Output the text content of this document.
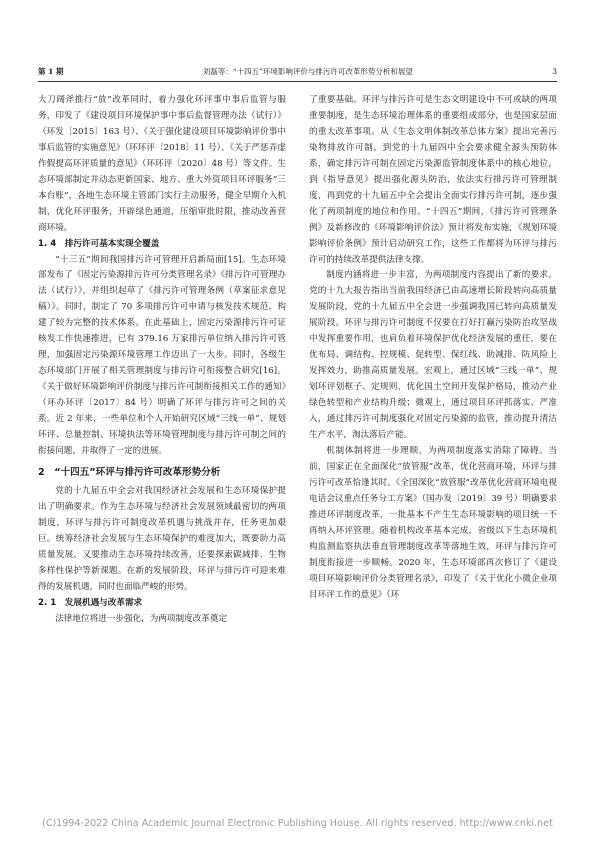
第 1 期	刘磊等：“十四五”环境影响评价与排污许可改革形势分析和展望	3

大刀阔斧推行“放”改革同时，着力强化环评事中事后监管与服务，印发了《建设项目环境保护事中事后监督管理办法（试行）》（环发〔2015〕163 号）、《关于强化建设项目环境影响评价事中事后监管的实施意见》（环环评〔2018〕11 号）、《关于严惩弄虚作假提高环评质量的意见》（环环评〔2020〕48 号）等文件。生态环境部制定并动态更新国家、地方、重大外资项目环评服务“三本台账”，各地生态环境主管部门实行主动服务，健全早期介入机制，优化环评服务，开辟绿色通道，压缩审批时限，推动改善营商环境。

1. 4　排污许可基本实现全覆盖

“十三五”期间我国排污许可管理开启新局面[15]。生态环境部发布了《固定污染源排污许可分类管理名录》《排污许可管理办法（试行）》，并组织起草了《排污许可管理条例（草案征求意见稿）》。同时，制定了 70 多项排污许可申请与核发技术规范，构建了较为完整的技术体系。在此基础上，固定污染源排污许可证核发工作快速推进，已有 379.16 万家排污单位纳入排污许可管理，加强固定污染源环境管理工作迈出了一大步。同时，各级生态环境部门开展了相关管理制度与排污许可衔接整合研究[16]。《关于做好环境影响评价制度与排污许可制衔接相关工作的通知》（环办环评〔2017〕84 号）明确了环评与排污许可之间的关系。近 2 年来，一些单位和个人开始研究区域“三线一单”、规划环评、总量控制、环境执法等环境管理制度与排污许可制之间的衔接问题，并取得了一定的进展。

2　“十四五”环评与排污许可改革形势分析

党的十九届五中全会对我国经济社会发展和生态环境保护提出了明确要求。作为生态环境与经济社会发展领域最密切的两项制度，环评与排污许可制度改革机遇与挑战并存，任务更加艰巨。统筹经济社会发展与生态环境保护的难度加大，既要助力高质量发展，又要推动生态环境持续改善，还要探索碳减排、生物多样性保护等新课题。在新的发展阶段，环评与排污许可迎来难得的发展机遇，同时也面临严峻的形势。

2. 1　发展机遇与改革需求

法律地位将进一步强化，为两项制度改革奠定

了重要基础。环评与排污许可是生态文明建设中不可或缺的两项重要制度，是生态环境治理体系的重要组成部分，也是国家层面的重大改革事项。从《生态文明体制改革总体方案》提出完善污染物排放许可制，到党的十九届四中全会要求健全源头预防体系，确定排污许可制在固定污染源监管制度体系中的核心地位，到《指导意见》提出强化源头防治，依法实行排污许可管理制度，再到党的十九届五中全会提出全面实行排污许可制，逐步强化了两项制度的地位和作用。“十四五”期间，《排污许可管理条例》及新修改的《环境影响评价法》预计将发布实施，《规划环境影响评价条例》预计启动研究工作，这些工作都将为环评与排污许可的持续改革提供法律支撑。

制度内涵将进一步丰富，为两项制度内容提出了新的要求。党的十九大报告指出当前我国经济已由高速增长阶段转向高质量发展阶段，党的十九届五中全会进一步强调我国已转向高质量发展阶段。环评与排污许可制度不仅要在打好打赢污染防治攻坚战中发挥重要作用，也肩负着环境保护优化经济发展的重任，要在优布局、调结构、控规模、促转型、保红线、助减排、防风险上发挥效力，助推高质量发展。宏观上，通过区域“三线一单”、规划环评划框子、定规则，优化国土空间开发保护格局，推动产业绿色转型和产业结构升级；微观上，通过项目环评抓落实、严准入，通过排污许可制度强化对固定污染源的监管，推动提升清洁生产水平，淘汰落后产能。

机制体制将进一步理顺，为两项制度落实消除了障碍。当前，国家正在全面深化“放管服”改革，优化营商环境，环评与排污许可改革恰逢其时。《全国深化“放管服”改革优化营商环境电视电话会议重点任务分工方案》（国办发〔2019〕39 号）明确要求推进环评制度改革，一批基本不产生生态环境影响的项目统一不再纳入环评管理。随着机构改革基本完成，省级以下生态环境机构监测监察执法垂直管理制度改革等落地生效，环评与排污许可制度衔接进一步顺畅。2020 年，生态环境部再次修订了《建设项目环境影响评价分类管理名录》，印发了《关于优化小微企业项目环评工作的意见》（环

(C)1994-2022 China Academic Journal Electronic Publishing House. All rights reserved. http://www.cnki.net
